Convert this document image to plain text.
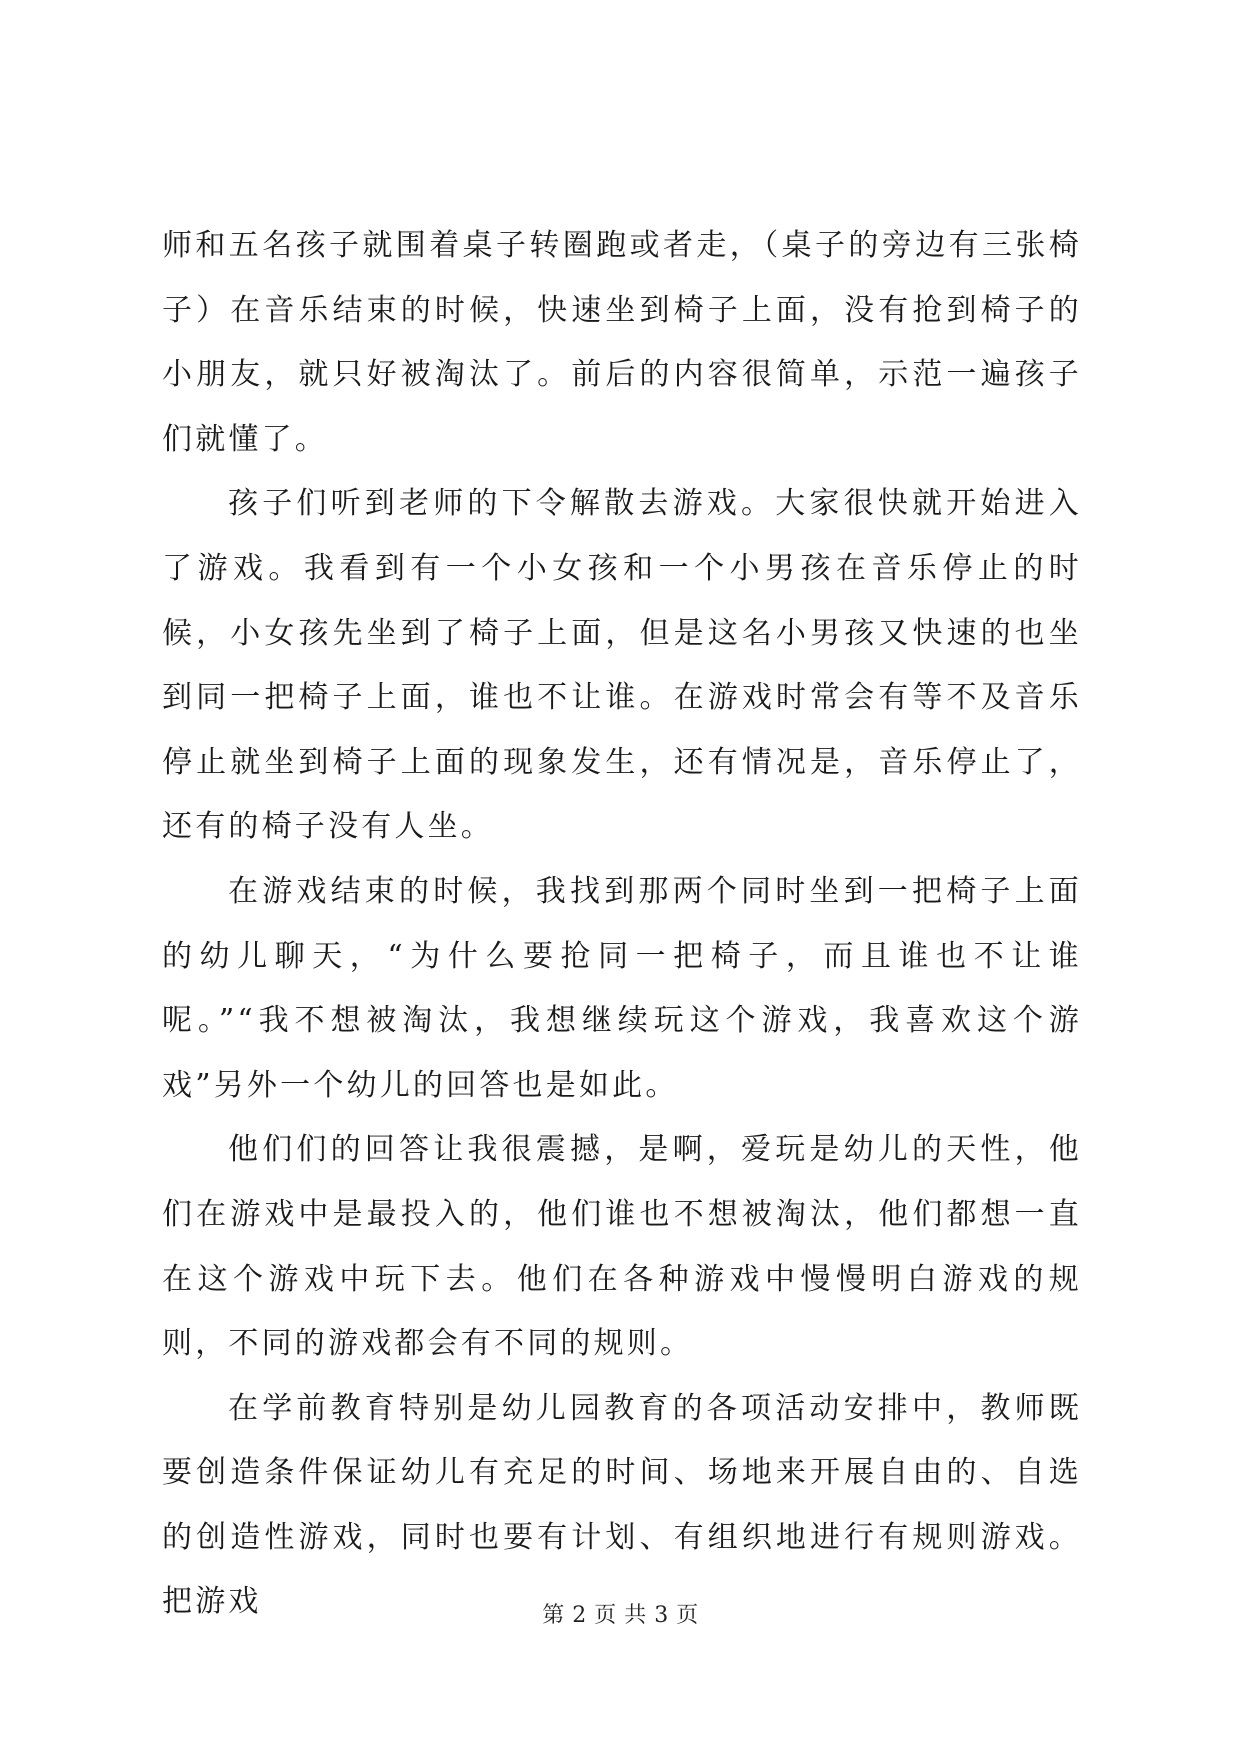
师和五名孩子就围着桌子转圈跑或者走，（桌子的旁边有三张椅子）在音乐结束的时候，快速坐到椅子上面，没有抢到椅子的小朋友，就只好被淘汰了。前后的内容很简单，示范一遍孩子们就懂了。

孩子们听到老师的下令解散去游戏。大家很快就开始进入了游戏。我看到有一个小女孩和一个小男孩在音乐停止的时候，小女孩先坐到了椅子上面，但是这名小男孩又快速的也坐到同一把椅子上面，谁也不让谁。在游戏时常会有等不及音乐停止就坐到椅子上面的现象发生，还有情况是，音乐停止了，还有的椅子没有人坐。

在游戏结束的时候，我找到那两个同时坐到一把椅子上面的幼儿聊天，“为什么要抢同一把椅子，而且谁也不让谁呢。”“我不想被淘汰，我想继续玩这个游戏，我喜欢这个游戏”另外一个幼儿的回答也是如此。

他们们的回答让我很震撼，是啊，爱玩是幼儿的天性，他们在游戏中是最投入的，他们谁也不想被淘汰，他们都想一直在这个游戏中玩下去。他们在各种游戏中慢慢明白游戏的规则，不同的游戏都会有不同的规则。

在学前教育特别是幼儿园教育的各项活动安排中，教师既要创造条件保证幼儿有充足的时间、场地来开展自由的、自选的创造性游戏，同时也要有计划、有组织地进行有规则游戏。把游戏	第 2 页 共 3 页
